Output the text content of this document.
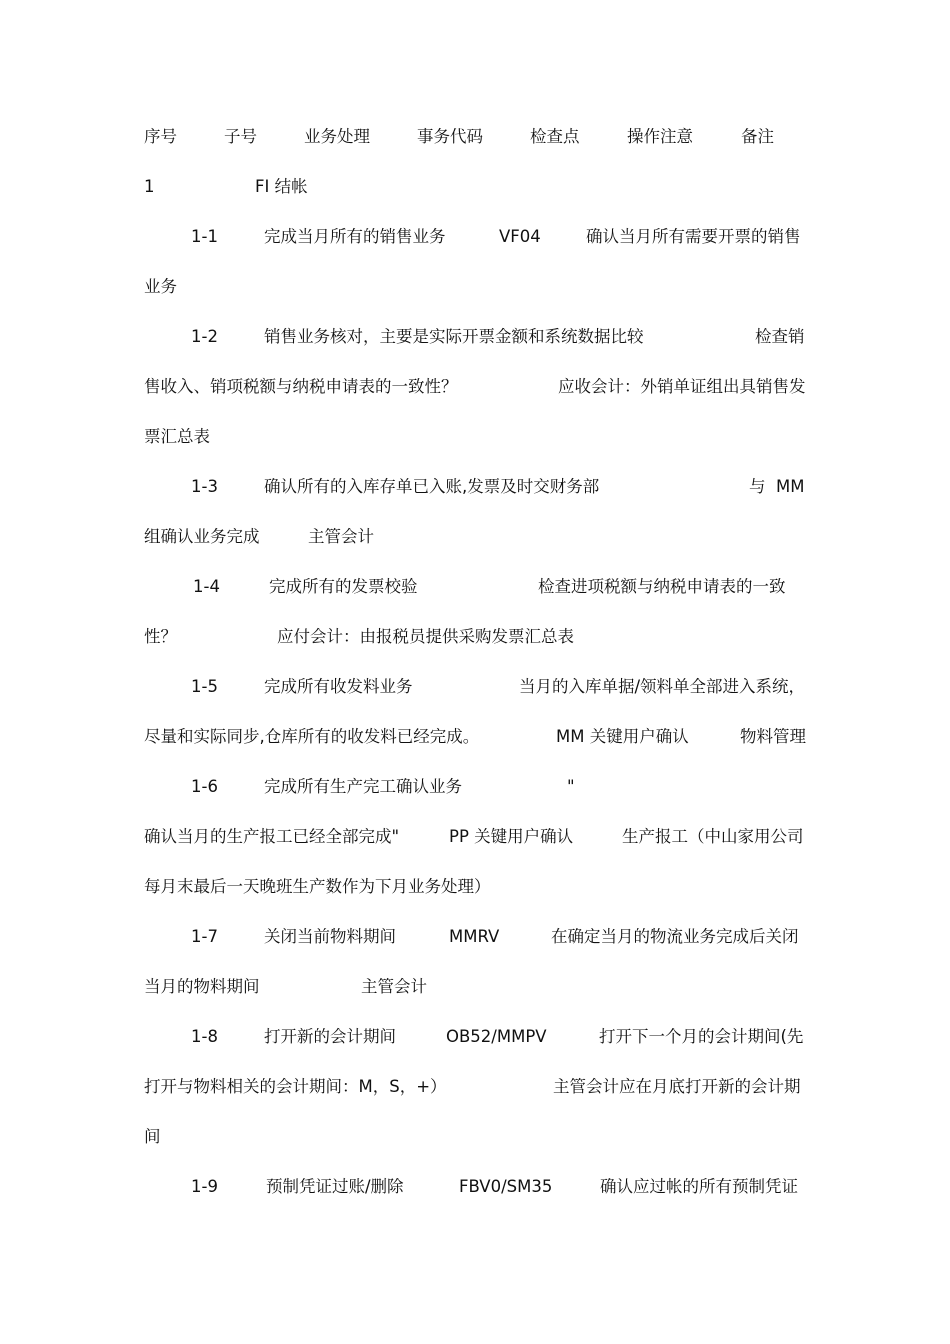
序号	子号	业务处理	事务代码	检查点	操作注意	备注
1	FI 结帐
1-1	完成当月所有的销售业务	VF04	确认当月所有需要开票的销售
业务
1-2	销售业务核对，主要是实际开票金额和系统数据比较	检查销
售收入、销项税额与纳税申请表的一致性？	应收会计：外销单证组出具销售发
票汇总表
1-3	确认所有的入库存单已入账,发票及时交财务部	与 MM
组确认业务完成	主管会计
1-4	完成所有的发票校验	检查进项税额与纳税申请表的一致
性？	应付会计：由报税员提供采购发票汇总表
1-5	完成所有收发料业务	当月的入库单据/领料单全部进入系统，
尽量和实际同步,仓库所有的收发料已经完成。	MM 关键用户确认	物料管理
1-6	完成所有生产完工确认业务	"
确认当月的生产报工已经全部完成"	PP 关键用户确认	生产报工（中山家用公司
每月末最后一天晚班生产数作为下月业务处理）
1-7	关闭当前物料期间	MMRV	在确定当月的物流业务完成后关闭
当月的物料期间	主管会计
1-8	打开新的会计期间	OB52/MMPV	打开下一个月的会计期间(先
打开与物料相关的会计期间：M，S，+）	主管会计应在月底打开新的会计期
间
1-9	预制凭证过账/删除	FBV0/SM35	确认应过帐的所有预制凭证
